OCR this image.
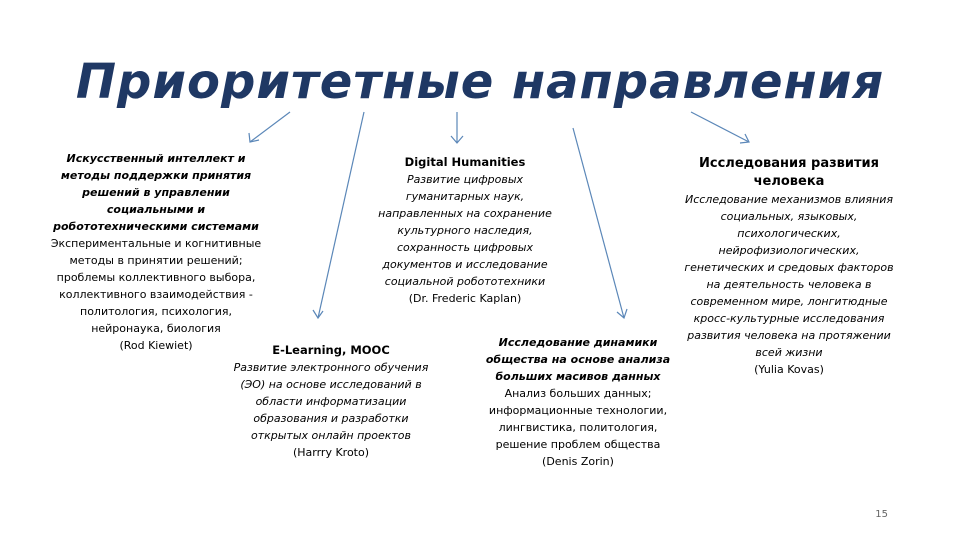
Приоритетные направления
Искусственный интеллект и методы поддержки принятия решений в управлении социальными и робототехническими системами
Экспериментальные и когнитивные методы в принятии решений; проблемы коллективного выбора, коллективного взаимодействия - политология, психология, нейронаука, биология
(Rod Kiewiet)
Digital Humanities
Развитие цифровых гуманитарных наук, направленных на сохранение культурного наследия, сохранность цифровых документов и исследование социальной робототехники
(Dr. Frederic Kaplan)
Исследования развития человека
Исследование механизмов влияния социальных, языковых, психологических, нейрофизиологических, генетических и средовых факторов на деятельность человека в современном мире, лонгитюдные кросс-культурные исследования развития человека на протяжении всей жизни
(Yulia Kovas)
E-Learning, MOOC
Развитие электронного обучения (ЭО) на основе исследований в области информатизации образования и разработки открытых онлайн проектов
(Harrry Kroto)
Исследование динамики общества на основе анализа больших масивов данных
Анализ больших данных; информационные технологии, лингвистика, политология, решение проблем общества (Denis Zorin)
15
